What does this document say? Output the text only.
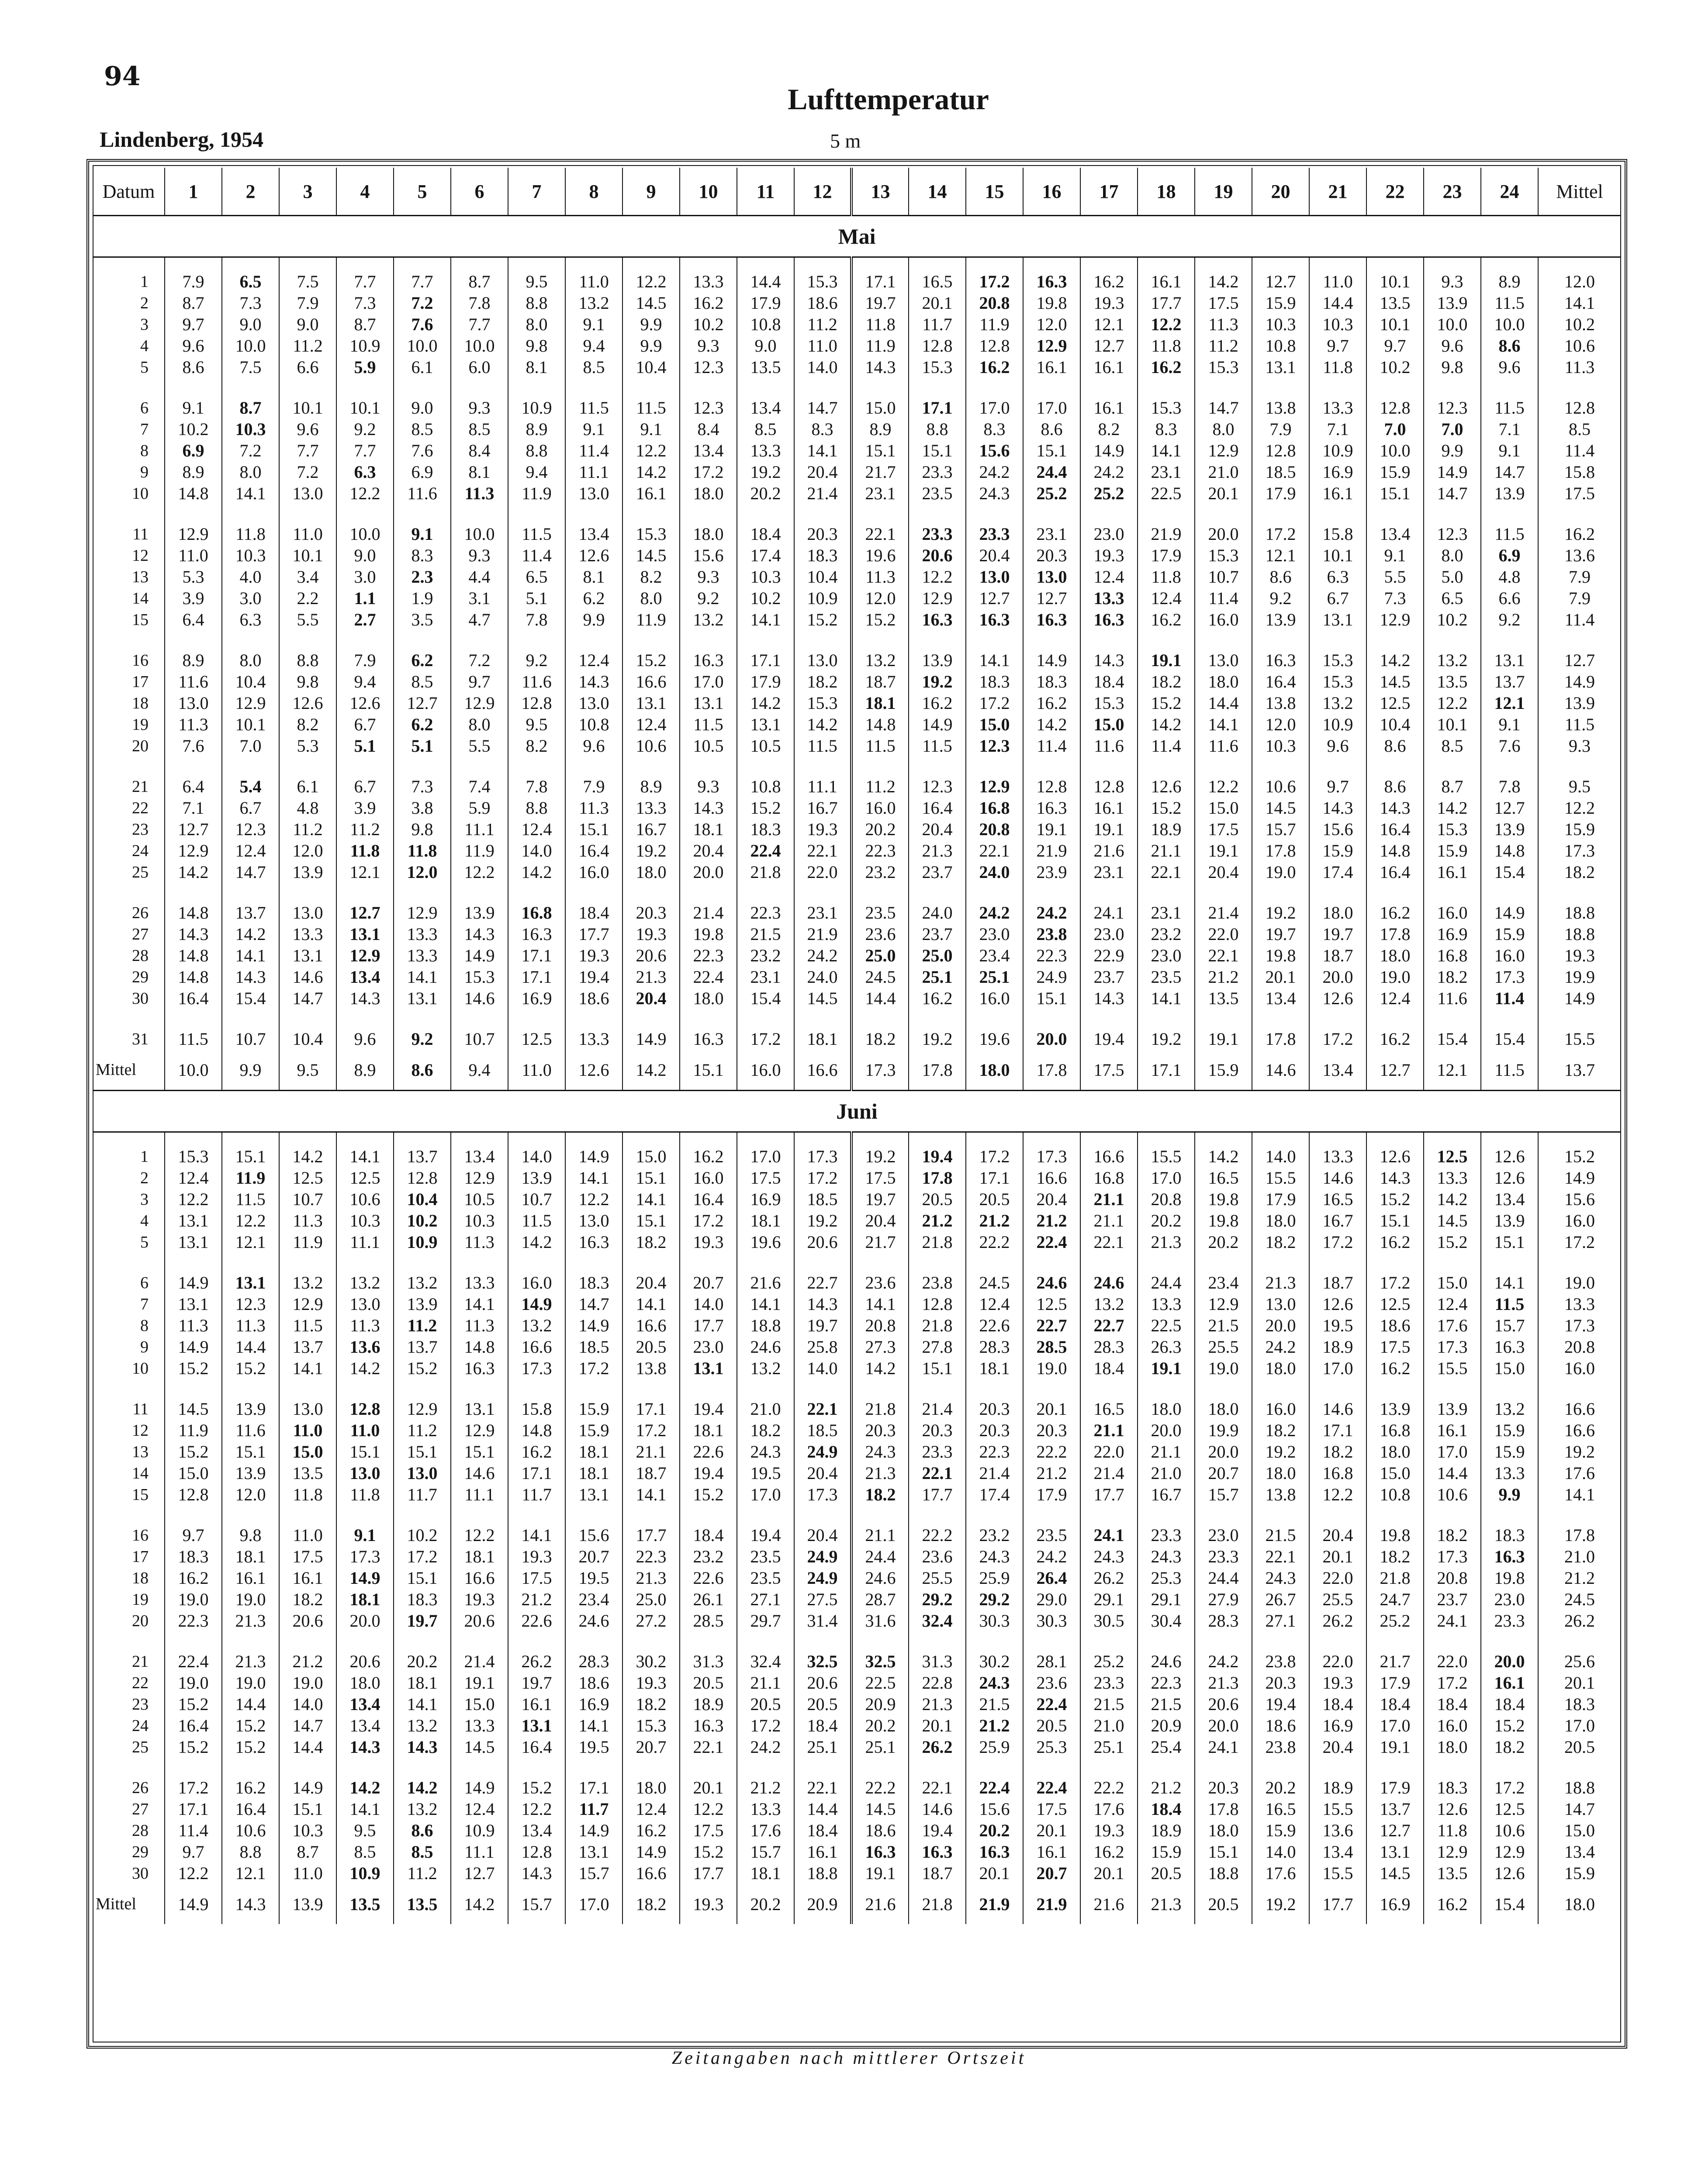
94
Lufttemperatur
Lindenberg, 1954	5 m
Datum	1	2	3	4	5	6	7	8	9	10	11	12	13	14	15	16	17	18	19	20	21	22	23	24	Mittel
Mai																									
1	7.9	6.5	7.5	7.7	7.7	8.7	9.5	11.0	12.2	13.3	14.4	15.3	17.1	16.5	17.2	16.3	16.2	16.1	14.2	12.7	11.0	10.1	9.3	8.9	12.0
2	8.7	7.3	7.9	7.3	7.2	7.8	8.8	13.2	14.5	16.2	17.9	18.6	19.7	20.1	20.8	19.8	19.3	17.7	17.5	15.9	14.4	13.5	13.9	11.5	14.1
3	9.7	9.0	9.0	8.7	7.6	7.7	8.0	9.1	9.9	10.2	10.8	11.2	11.8	11.7	11.9	12.0	12.1	12.2	11.3	10.3	10.3	10.1	10.0	10.0	10.2
4	9.6	10.0	11.2	10.9	10.0	10.0	9.8	9.4	9.9	9.3	9.0	11.0	11.9	12.8	12.8	12.9	12.7	11.8	11.2	10.8	9.7	9.7	9.6	8.6	10.6
5	8.6	7.5	6.6	5.9	6.1	6.0	8.1	8.5	10.4	12.3	13.5	14.0	14.3	15.3	16.2	16.1	16.1	16.2	15.3	13.1	11.8	10.2	9.8	9.6	11.3

6	9.1	8.7	10.1	10.1	9.0	9.3	10.9	11.5	11.5	12.3	13.4	14.7	15.0	17.1	17.0	17.0	16.1	15.3	14.7	13.8	13.3	12.8	12.3	11.5	12.8
7	10.2	10.3	9.6	9.2	8.5	8.5	8.9	9.1	9.1	8.4	8.5	8.3	8.9	8.8	8.3	8.6	8.2	8.3	8.0	7.9	7.1	7.0	7.0	7.1	8.5
8	6.9	7.2	7.7	7.7	7.6	8.4	8.8	11.4	12.2	13.4	13.3	14.1	15.1	15.1	15.6	15.1	14.9	14.1	12.9	12.8	10.9	10.0	9.9	9.1	11.4
9	8.9	8.0	7.2	6.3	6.9	8.1	9.4	11.1	14.2	17.2	19.2	20.4	21.7	23.3	24.2	24.4	24.2	23.1	21.0	18.5	16.9	15.9	14.9	14.7	15.8
10	14.8	14.1	13.0	12.2	11.6	11.3	11.9	13.0	16.1	18.0	20.2	21.4	23.1	23.5	24.3	25.2	25.2	22.5	20.1	17.9	16.1	15.1	14.7	13.9	17.5

11	12.9	11.8	11.0	10.0	9.1	10.0	11.5	13.4	15.3	18.0	18.4	20.3	22.1	23.3	23.3	23.1	23.0	21.9	20.0	17.2	15.8	13.4	12.3	11.5	16.2
12	11.0	10.3	10.1	9.0	8.3	9.3	11.4	12.6	14.5	15.6	17.4	18.3	19.6	20.6	20.4	20.3	19.3	17.9	15.3	12.1	10.1	9.1	8.0	6.9	13.6
13	5.3	4.0	3.4	3.0	2.3	4.4	6.5	8.1	8.2	9.3	10.3	10.4	11.3	12.2	13.0	13.0	12.4	11.8	10.7	8.6	6.3	5.5	5.0	4.8	7.9
14	3.9	3.0	2.2	1.1	1.9	3.1	5.1	6.2	8.0	9.2	10.2	10.9	12.0	12.9	12.7	12.7	13.3	12.4	11.4	9.2	6.7	7.3	6.5	6.6	7.9
15	6.4	6.3	5.5	2.7	3.5	4.7	7.8	9.9	11.9	13.2	14.1	15.2	15.2	16.3	16.3	16.3	16.3	16.2	16.0	13.9	13.1	12.9	10.2	9.2	11.4

16	8.9	8.0	8.8	7.9	6.2	7.2	9.2	12.4	15.2	16.3	17.1	13.0	13.2	13.9	14.1	14.9	14.3	19.1	13.0	16.3	15.3	14.2	13.2	13.1	12.7
17	11.6	10.4	9.8	9.4	8.5	9.7	11.6	14.3	16.6	17.0	17.9	18.2	18.7	19.2	18.3	18.3	18.4	18.2	18.0	16.4	15.3	14.5	13.5	13.7	14.9
18	13.0	12.9	12.6	12.6	12.7	12.9	12.8	13.0	13.1	13.1	14.2	15.3	18.1	16.2	17.2	16.2	15.3	15.2	14.4	13.8	13.2	12.5	12.2	12.1	13.9
19	11.3	10.1	8.2	6.7	6.2	8.0	9.5	10.8	12.4	11.5	13.1	14.2	14.8	14.9	15.0	14.2	15.0	14.2	14.1	12.0	10.9	10.4	10.1	9.1	11.5
20	7.6	7.0	5.3	5.1	5.1	5.5	8.2	9.6	10.6	10.5	10.5	11.5	11.5	11.5	12.3	11.4	11.6	11.4	11.6	10.3	9.6	8.6	8.5	7.6	9.3

21	6.4	5.4	6.1	6.7	7.3	7.4	7.8	7.9	8.9	9.3	10.8	11.1	11.2	12.3	12.9	12.8	12.8	12.6	12.2	10.6	9.7	8.6	8.7	7.8	9.5
22	7.1	6.7	4.8	3.9	3.8	5.9	8.8	11.3	13.3	14.3	15.2	16.7	16.0	16.4	16.8	16.3	16.1	15.2	15.0	14.5	14.3	14.3	14.2	12.7	12.2
23	12.7	12.3	11.2	11.2	9.8	11.1	12.4	15.1	16.7	18.1	18.3	19.3	20.2	20.4	20.8	19.1	19.1	18.9	17.5	15.7	15.6	16.4	15.3	13.9	15.9
24	12.9	12.4	12.0	11.8	11.8	11.9	14.0	16.4	19.2	20.4	22.4	22.1	22.3	21.3	22.1	21.9	21.6	21.1	19.1	17.8	15.9	14.8	15.9	14.8	17.3
25	14.2	14.7	13.9	12.1	12.0	12.2	14.2	16.0	18.0	20.0	21.8	22.0	23.2	23.7	24.0	23.9	23.1	22.1	20.4	19.0	17.4	16.4	16.1	15.4	18.2

26	14.8	13.7	13.0	12.7	12.9	13.9	16.8	18.4	20.3	21.4	22.3	23.1	23.5	24.0	24.2	24.2	24.1	23.1	21.4	19.2	18.0	16.2	16.0	14.9	18.8
27	14.3	14.2	13.3	13.1	13.3	14.3	16.3	17.7	19.3	19.8	21.5	21.9	23.6	23.7	23.0	23.8	23.0	23.2	22.0	19.7	19.7	17.8	16.9	15.9	18.8
28	14.8	14.1	13.1	12.9	13.3	14.9	17.1	19.3	20.6	22.3	23.2	24.2	25.0	25.0	23.4	22.3	22.9	23.0	22.1	19.8	18.7	18.0	16.8	16.0	19.3
29	14.8	14.3	14.6	13.4	14.1	15.3	17.1	19.4	21.3	22.4	23.1	24.0	24.5	25.1	25.1	24.9	23.7	23.5	21.2	20.1	20.0	19.0	18.2	17.3	19.9
30	16.4	15.4	14.7	14.3	13.1	14.6	16.9	18.6	20.4	18.0	15.4	14.5	14.4	16.2	16.0	15.1	14.3	14.1	13.5	13.4	12.6	12.4	11.6	11.4	14.9

31	11.5	10.7	10.4	9.6	9.2	10.7	12.5	13.3	14.9	16.3	17.2	18.1	18.2	19.2	19.6	20.0	19.4	19.2	19.1	17.8	17.2	16.2	15.4	15.4	15.5
Mittel	10.0	9.9	9.5	8.9	8.6	9.4	11.0	12.6	14.2	15.1	16.0	16.6	17.3	17.8	18.0	17.8	17.5	17.1	15.9	14.6	13.4	12.7	12.1	11.5	13.7
Juni																									
1	15.3	15.1	14.2	14.1	13.7	13.4	14.0	14.9	15.0	16.2	17.0	17.3	19.2	19.4	17.2	17.3	16.6	15.5	14.2	14.0	13.3	12.6	12.5	12.6	15.2
2	12.4	11.9	12.5	12.5	12.8	12.9	13.9	14.1	15.1	16.0	17.5	17.2	17.5	17.8	17.1	16.6	16.8	17.0	16.5	15.5	14.6	14.3	13.3	12.6	14.9
3	12.2	11.5	10.7	10.6	10.4	10.5	10.7	12.2	14.1	16.4	16.9	18.5	19.7	20.5	20.5	20.4	21.1	20.8	19.8	17.9	16.5	15.2	14.2	13.4	15.6
4	13.1	12.2	11.3	10.3	10.2	10.3	11.5	13.0	15.1	17.2	18.1	19.2	20.4	21.2	21.2	21.2	21.1	20.2	19.8	18.0	16.7	15.1	14.5	13.9	16.0
5	13.1	12.1	11.9	11.1	10.9	11.3	14.2	16.3	18.2	19.3	19.6	20.6	21.7	21.8	22.2	22.4	22.1	21.3	20.2	18.2	17.2	16.2	15.2	15.1	17.2

6	14.9	13.1	13.2	13.2	13.2	13.3	16.0	18.3	20.4	20.7	21.6	22.7	23.6	23.8	24.5	24.6	24.6	24.4	23.4	21.3	18.7	17.2	15.0	14.1	19.0
7	13.1	12.3	12.9	13.0	13.9	14.1	14.9	14.7	14.1	14.0	14.1	14.3	14.1	12.8	12.4	12.5	13.2	13.3	12.9	13.0	12.6	12.5	12.4	11.5	13.3
8	11.3	11.3	11.5	11.3	11.2	11.3	13.2	14.9	16.6	17.7	18.8	19.7	20.8	21.8	22.6	22.7	22.7	22.5	21.5	20.0	19.5	18.6	17.6	15.7	17.3
9	14.9	14.4	13.7	13.6	13.7	14.8	16.6	18.5	20.5	23.0	24.6	25.8	27.3	27.8	28.3	28.5	28.3	26.3	25.5	24.2	18.9	17.5	17.3	16.3	20.8
10	15.2	15.2	14.1	14.2	15.2	16.3	17.3	17.2	13.8	13.1	13.2	14.0	14.2	15.1	18.1	19.0	18.4	19.1	19.0	18.0	17.0	16.2	15.5	15.0	16.0

11	14.5	13.9	13.0	12.8	12.9	13.1	15.8	15.9	17.1	19.4	21.0	22.1	21.8	21.4	20.3	20.1	16.5	18.0	18.0	16.0	14.6	13.9	13.9	13.2	16.6
12	11.9	11.6	11.0	11.0	11.2	12.9	14.8	15.9	17.2	18.1	18.2	18.5	20.3	20.3	20.3	20.3	21.1	20.0	19.9	18.2	17.1	16.8	16.1	15.9	16.6
13	15.2	15.1	15.0	15.1	15.1	15.1	16.2	18.1	21.1	22.6	24.3	24.9	24.3	23.3	22.3	22.2	22.0	21.1	20.0	19.2	18.2	18.0	17.0	15.9	19.2
14	15.0	13.9	13.5	13.0	13.0	14.6	17.1	18.1	18.7	19.4	19.5	20.4	21.3	22.1	21.4	21.2	21.4	21.0	20.7	18.0	16.8	15.0	14.4	13.3	17.6
15	12.8	12.0	11.8	11.8	11.7	11.1	11.7	13.1	14.1	15.2	17.0	17.3	18.2	17.7	17.4	17.9	17.7	16.7	15.7	13.8	12.2	10.8	10.6	9.9	14.1

16	9.7	9.8	11.0	9.1	10.2	12.2	14.1	15.6	17.7	18.4	19.4	20.4	21.1	22.2	23.2	23.5	24.1	23.3	23.0	21.5	20.4	19.8	18.2	18.3	17.8
17	18.3	18.1	17.5	17.3	17.2	18.1	19.3	20.7	22.3	23.2	23.5	24.9	24.4	23.6	24.3	24.2	24.3	24.3	23.3	22.1	20.1	18.2	17.3	16.3	21.0
18	16.2	16.1	16.1	14.9	15.1	16.6	17.5	19.5	21.3	22.6	23.5	24.9	24.6	25.5	25.9	26.4	26.2	25.3	24.4	24.3	22.0	21.8	20.8	19.8	21.2
19	19.0	19.0	18.2	18.1	18.3	19.3	21.2	23.4	25.0	26.1	27.1	27.5	28.7	29.2	29.2	29.0	29.1	29.1	27.9	26.7	25.5	24.7	23.7	23.0	24.5
20	22.3	21.3	20.6	20.0	19.7	20.6	22.6	24.6	27.2	28.5	29.7	31.4	31.6	32.4	30.3	30.3	30.5	30.4	28.3	27.1	26.2	25.2	24.1	23.3	26.2

21	22.4	21.3	21.2	20.6	20.2	21.4	26.2	28.3	30.2	31.3	32.4	32.5	32.5	31.3	30.2	28.1	25.2	24.6	24.2	23.8	22.0	21.7	22.0	20.0	25.6
22	19.0	19.0	19.0	18.0	18.1	19.1	19.7	18.6	19.3	20.5	21.1	20.6	22.5	22.8	24.3	23.6	23.3	22.3	21.3	20.3	19.3	17.9	17.2	16.1	20.1
23	15.2	14.4	14.0	13.4	14.1	15.0	16.1	16.9	18.2	18.9	20.5	20.5	20.9	21.3	21.5	22.4	21.5	21.5	20.6	19.4	18.4	18.4	18.4	18.4	18.3
24	16.4	15.2	14.7	13.4	13.2	13.3	13.1	14.1	15.3	16.3	17.2	18.4	20.2	20.1	21.2	20.5	21.0	20.9	20.0	18.6	16.9	17.0	16.0	15.2	17.0
25	15.2	15.2	14.4	14.3	14.3	14.5	16.4	19.5	20.7	22.1	24.2	25.1	25.1	26.2	25.9	25.3	25.1	25.4	24.1	23.8	20.4	19.1	18.0	18.2	20.5

26	17.2	16.2	14.9	14.2	14.2	14.9	15.2	17.1	18.0	20.1	21.2	22.1	22.2	22.1	22.4	22.4	22.2	21.2	20.3	20.2	18.9	17.9	18.3	17.2	18.8
27	17.1	16.4	15.1	14.1	13.2	12.4	12.2	11.7	12.4	12.2	13.3	14.4	14.5	14.6	15.6	17.5	17.6	18.4	17.8	16.5	15.5	13.7	12.6	12.5	14.7
28	11.4	10.6	10.3	9.5	8.6	10.9	13.4	14.9	16.2	17.5	17.6	18.4	18.6	19.4	20.2	20.1	19.3	18.9	18.0	15.9	13.6	12.7	11.8	10.6	15.0
29	9.7	8.8	8.7	8.5	8.5	11.1	12.8	13.1	14.9	15.2	15.7	16.1	16.3	16.3	16.3	16.1	16.2	15.9	15.1	14.0	13.4	13.1	12.9	12.9	13.4
30	12.2	12.1	11.0	10.9	11.2	12.7	14.3	15.7	16.6	17.7	18.1	18.8	19.1	18.7	20.1	20.7	20.1	20.5	18.8	17.6	15.5	14.5	13.5	12.6	15.9
Mittel	14.9	14.3	13.9	13.5	13.5	14.2	15.7	17.0	18.2	19.3	20.2	20.9	21.6	21.8	21.9	21.9	21.6	21.3	20.5	19.2	17.7	16.9	16.2	15.4	18.0
Zeitangaben nach mittlerer Ortszeit
